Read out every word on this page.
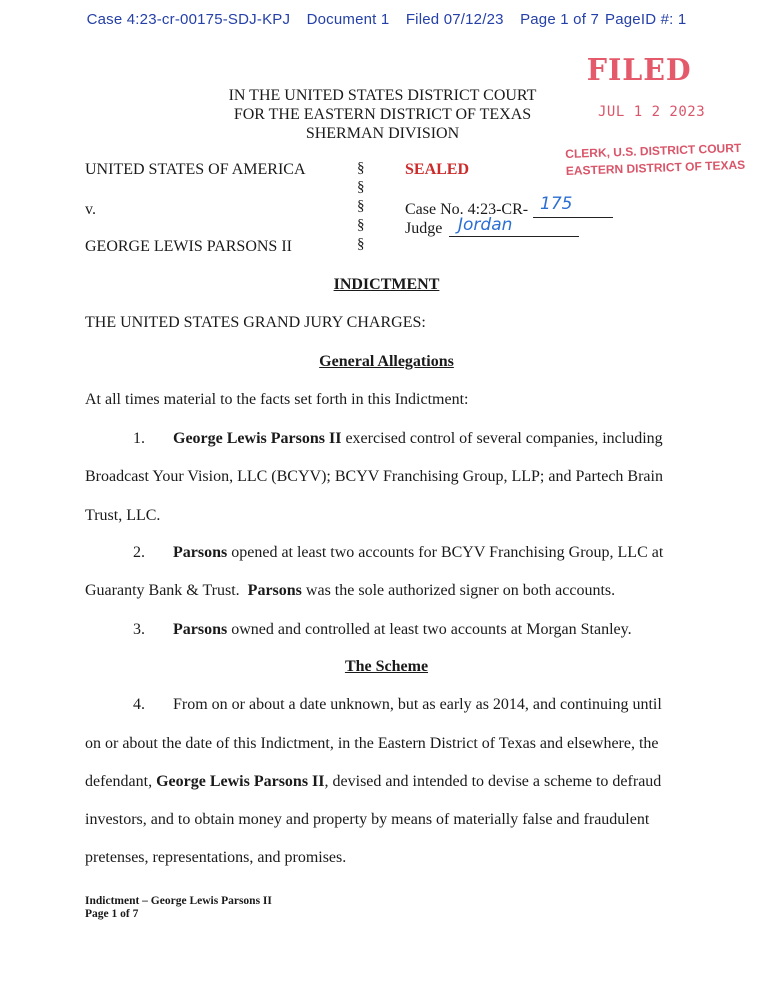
Case 4:23-cr-00175-SDJ-KPJ Document 1 Filed 07/12/23 Page 1 of 7 PageID #: 1
IN THE UNITED STATES DISTRICT COURT
FOR THE EASTERN DISTRICT OF TEXAS
SHERMAN DIVISION
FILED
JUL 1 2 2023
CLERK, U.S. DISTRICT COURT
EASTERN DISTRICT OF TEXAS
UNITED STATES OF AMERICA
v.
GEORGE LEWIS PARSONS II
§
§
§
§
§
SEALED
Case No. 4:23-CR- 175
Judge Jordan
INDICTMENT
THE UNITED STATES GRAND JURY CHARGES:
General Allegations
At all times material to the facts set forth in this Indictment:
1. George Lewis Parsons II exercised control of several companies, including
Broadcast Your Vision, LLC (BCYV); BCYV Franchising Group, LLP; and Partech Brain
Trust, LLC.
2. Parsons opened at least two accounts for BCYV Franchising Group, LLC at
Guaranty Bank & Trust.  Parsons was the sole authorized signer on both accounts.
3. Parsons owned and controlled at least two accounts at Morgan Stanley.
The Scheme
4. From on or about a date unknown, but as early as 2014, and continuing until
on or about the date of this Indictment, in the Eastern District of Texas and elsewhere, the
defendant, George Lewis Parsons II, devised and intended to devise a scheme to defraud
investors, and to obtain money and property by means of materially false and fraudulent
pretenses, representations, and promises.
Indictment – George Lewis Parsons II
Page 1 of 7
